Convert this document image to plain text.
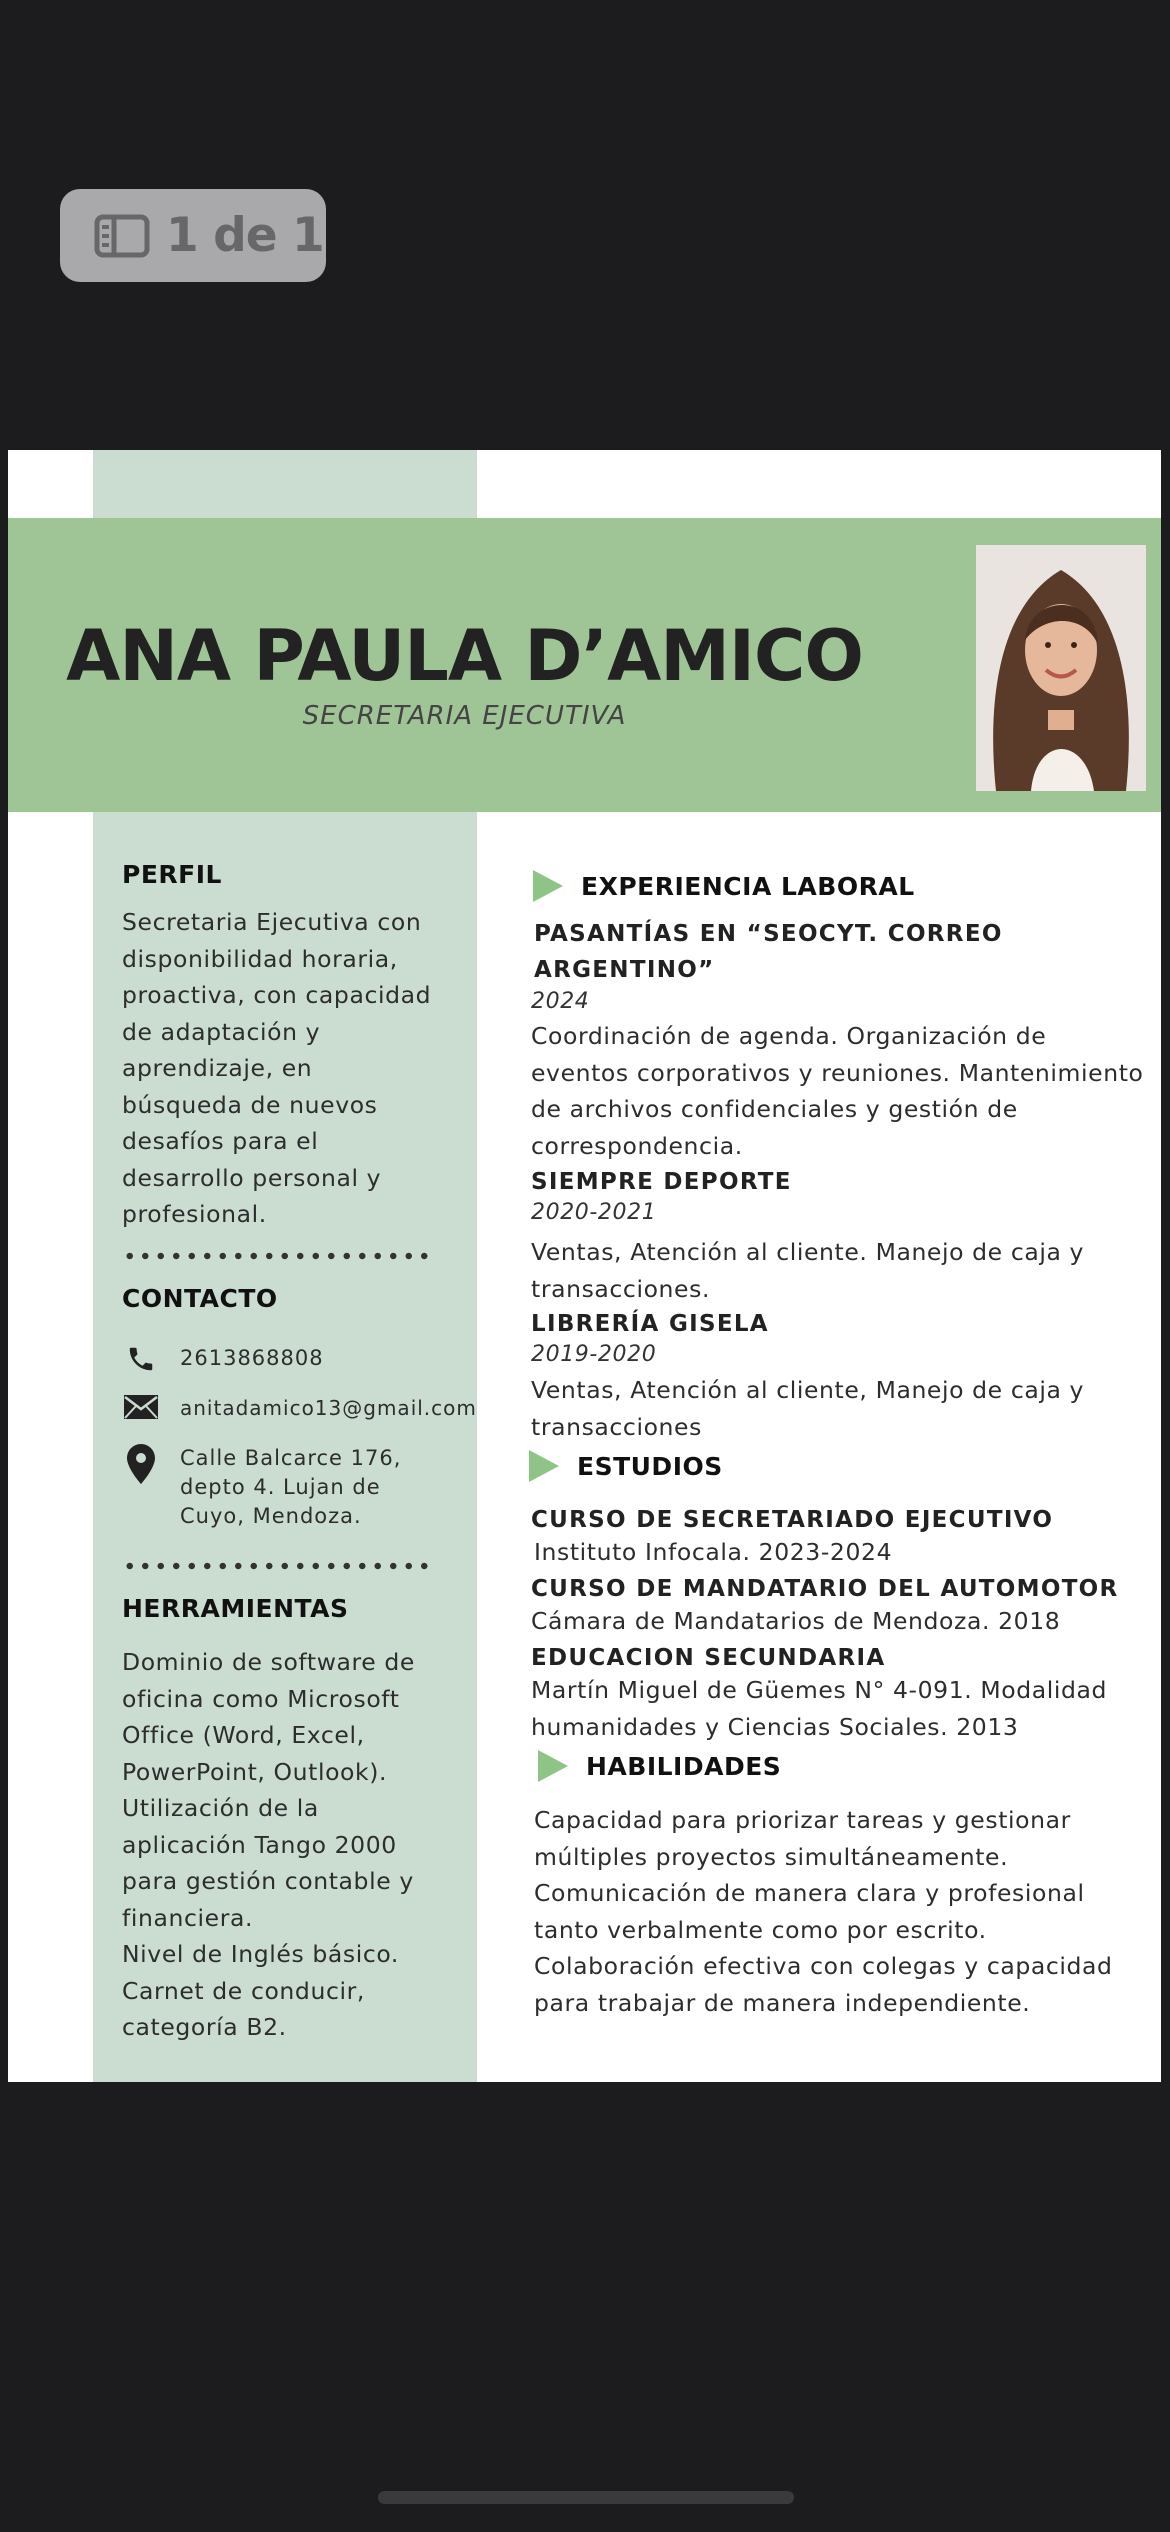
1 de 1
ANA PAULA D’AMICO
SECRETARIA EJECUTIVA
PERFIL
Secretaria Ejecutiva con
disponibilidad horaria,
proactiva, con capacidad
de adaptación y
aprendizaje, en
búsqueda de nuevos
desafíos para el
desarrollo personal y
profesional.
CONTACTO
2613868808
anitadamico13@gmail.com
Calle Balcarce 176,
depto 4. Lujan de
Cuyo, Mendoza.
HERRAMIENTAS
Dominio de software de
oficina como Microsoft
Office (Word, Excel,
PowerPoint, Outlook).
Utilización de la
aplicación Tango 2000
para gestión contable y
financiera.
Nivel de Inglés básico.
Carnet de conducir,
categoría B2.
EXPERIENCIA LABORAL
PASANTÍAS EN “SEOCYT. CORREO
ARGENTINO”
2024
Coordinación de agenda. Organización de
eventos corporativos y reuniones. Mantenimiento
de archivos confidenciales y gestión de
correspondencia.
SIEMPRE DEPORTE
2020-2021
Ventas, Atención al cliente. Manejo de caja y
transacciones.
LIBRERÍA GISELA
2019-2020
Ventas, Atención al cliente, Manejo de caja y
transacciones
ESTUDIOS
CURSO DE SECRETARIADO EJECUTIVO
Instituto Infocala. 2023-2024
CURSO DE MANDATARIO DEL AUTOMOTOR
Cámara de Mandatarios de Mendoza. 2018
EDUCACION SECUNDARIA
Martín Miguel de Güemes N° 4-091. Modalidad
humanidades y Ciencias Sociales. 2013
HABILIDADES
Capacidad para priorizar tareas y gestionar
múltiples proyectos simultáneamente.
Comunicación de manera clara y profesional
tanto verbalmente como por escrito.
Colaboración efectiva con colegas y capacidad
para trabajar de manera independiente.
